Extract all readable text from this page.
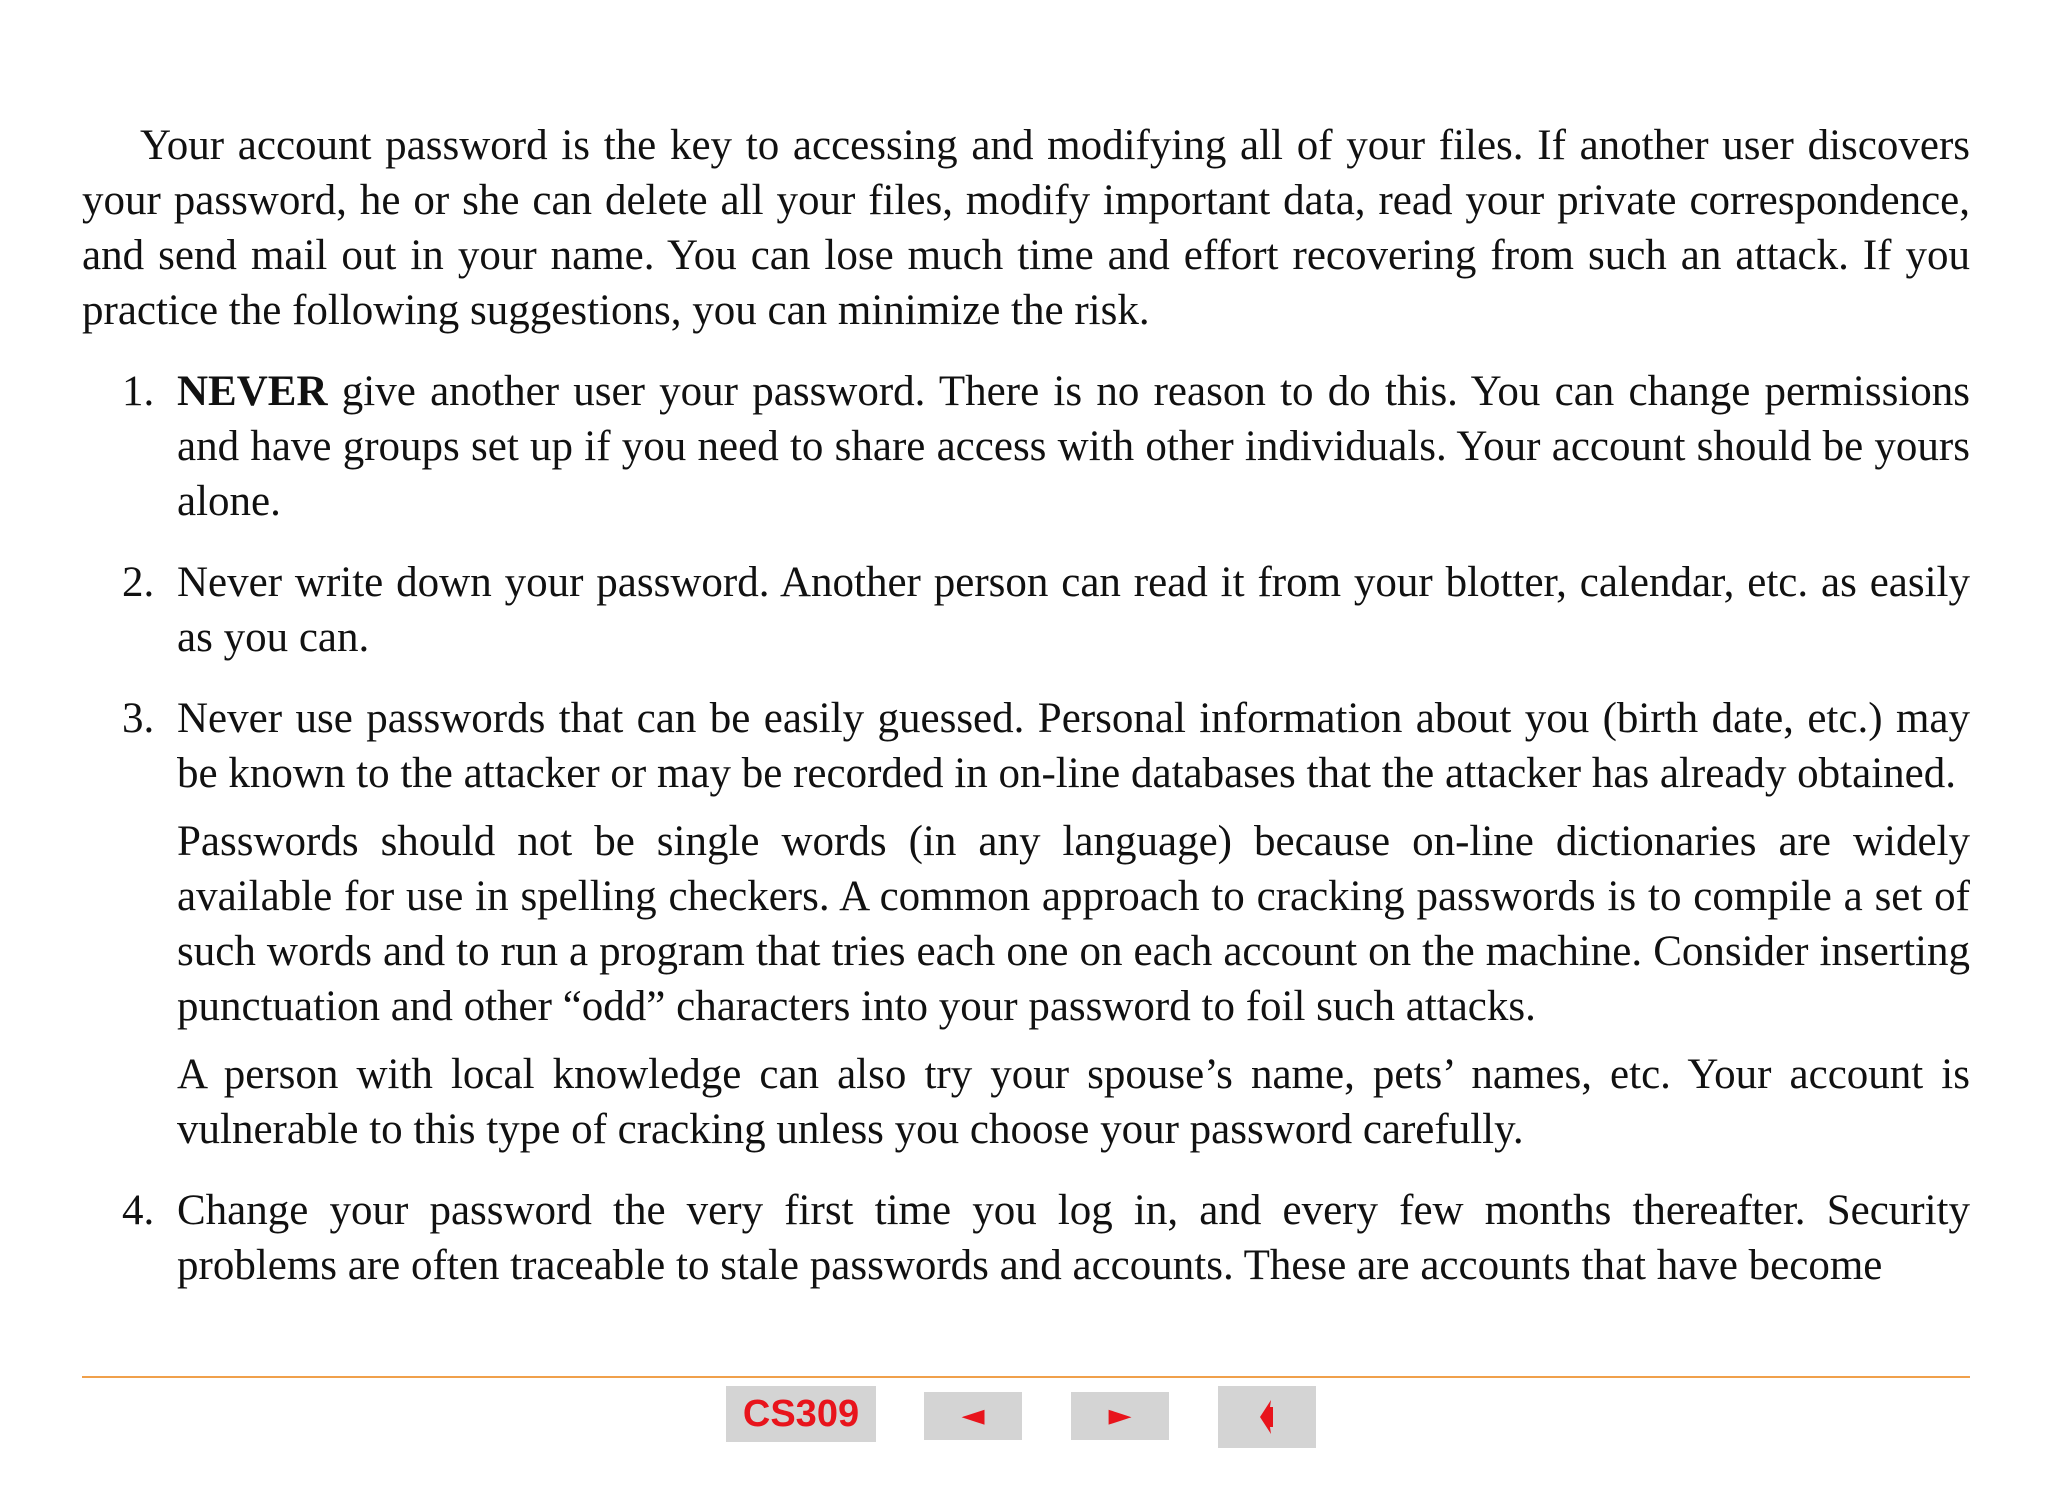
Your account password is the key to accessing and modifying all of your files. If another user discovers your password, he or she can delete all your files, modify important data, read your private correspondence, and send mail out in your name. You can lose much time and effort recovering from such an attack. If you practice the following suggestions, you can minimize the risk.

1. NEVER give another user your password. There is no reason to do this. You can change permissions and have groups set up if you need to share access with other individuals. Your account should be yours alone.

2. Never write down your password. Another person can read it from your blotter, calendar, etc. as easily as you can.

3. Never use passwords that can be easily guessed. Personal information about you (birth date, etc.) may be known to the attacker or may be recorded in on-line databases that the attacker has already obtained.

Passwords should not be single words (in any language) because on-line dictionaries are widely available for use in spelling checkers. A common approach to cracking passwords is to compile a set of such words and to run a program that tries each one on each account on the machine. Consider inserting punctuation and other “odd” characters into your password to foil such attacks.

A person with local knowledge can also try your spouse’s name, pets’ names, etc. Your account is vulnerable to this type of cracking unless you choose your password carefully.

4. Change your password the very first time you log in, and every few months thereafter. Security problems are often traceable to stale passwords and accounts. These are accounts that have become

CS309	◄	►
